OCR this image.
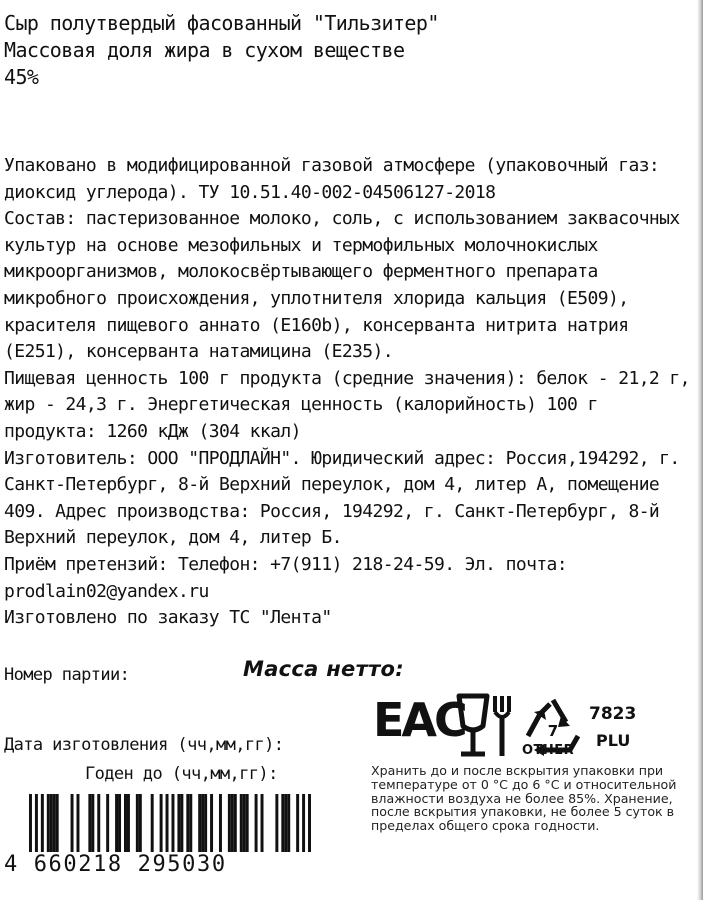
Сыр полутвердый фасованный "Тильзитер"
Массовая доля жира в сухом веществе
45%

Упаковано в модифицированной газовой атмосфере (упаковочный газ: диоксид углерода). ТУ 10.51.40-002-04506127-2018

Состав: пастеризованное молоко, соль, с использованием заквасочных культур на основе мезофильных и термофильных молочнокислых микроорганизмов, молокосвёртывающего ферментного препарата микробного происхождения, уплотнителя хлорида кальция (Е509), красителя пищевого аннато (Е160b), консерванта нитрита натрия (Е251), консерванта натамицина (Е235).

Пищевая ценность 100 г продукта (средние значения): белок - 21,2 г, жир - 24,3 г. Энергетическая ценность (калорийность) 100 г продукта: 1260 кДж (304 ккал)

Изготовитель: ООО "ПРОДЛАЙН". Юридический адрес: Россия,194292, г. Санкт-Петербург, 8-й Верхний переулок, дом 4, литер А, помещение 409. Адрес производства: Россия, 194292, г. Санкт-Петербург, 8-й Верхний переулок, дом 4, литер Б.

Приём претензий: Телефон: +7(911) 218-24-59. Эл. почта: prodlain02@yandex.ru

Изготовлено по заказу ТС "Лента"

Номер партии:	Масса нетто:
Дата изготовления (чч,мм,гг):
Годен до (чч,мм,гг):
ЕАС	7
OTHER
7823
PLU
Хранить до и после вскрытия упаковки при температуре от 0 °С до 6 °С и относительной влажности воздуха не более 85%. Хранение, после вскрытия упаковки, не более 5 суток в пределах общего срока годности.
4 660218 295030
